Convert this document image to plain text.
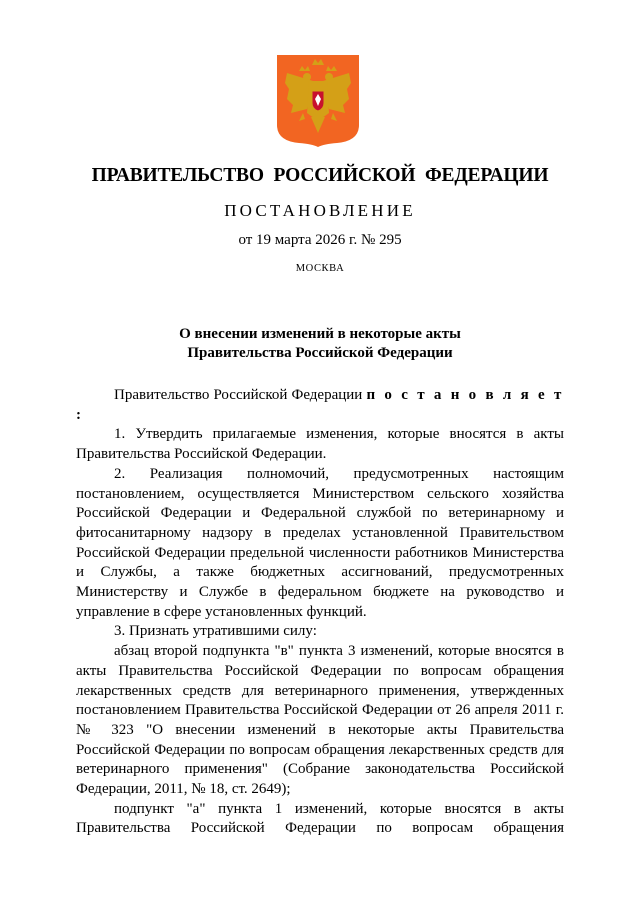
ПРАВИТЕЛЬСТВО РОССИЙСКОЙ ФЕДЕРАЦИИ
ПОСТАНОВЛЕНИЕ
от 19 марта 2026 г. № 295
МОСКВА
О внесении изменений в некоторые акты
Правительства Российской Федерации

Правительство Российской Федерации п о с т а н о в л я е т :

1. Утвердить прилагаемые изменения, которые вносятся в акты Правительства Российской Федерации.

2. Реализация полномочий, предусмотренных настоящим постановлением, осуществляется Министерством сельского хозяйства Российской Федерации и Федеральной службой по ветеринарному и фитосанитарному надзору в пределах установленной Правительством Российской Федерации предельной численности работников Министерства и Службы, а также бюджетных ассигнований, предусмотренных Министерству и Службе в федеральном бюджете на руководство и управление в сфере установленных функций.

3. Признать утратившими силу:

абзац второй подпункта "в" пункта 3 изменений, которые вносятся в акты Правительства Российской Федерации по вопросам обращения лекарственных средств для ветеринарного применения, утвержденных постановлением Правительства Российской Федерации от 26 апреля 2011 г. № 323 "О внесении изменений в некоторые акты Правительства Российской Федерации по вопросам обращения лекарственных средств для ветеринарного применения" (Собрание законодательства Российской Федерации, 2011, № 18, ст. 2649);

подпункт "а" пункта 1 изменений, которые вносятся в акты Правительства Российской Федерации по вопросам обращения
